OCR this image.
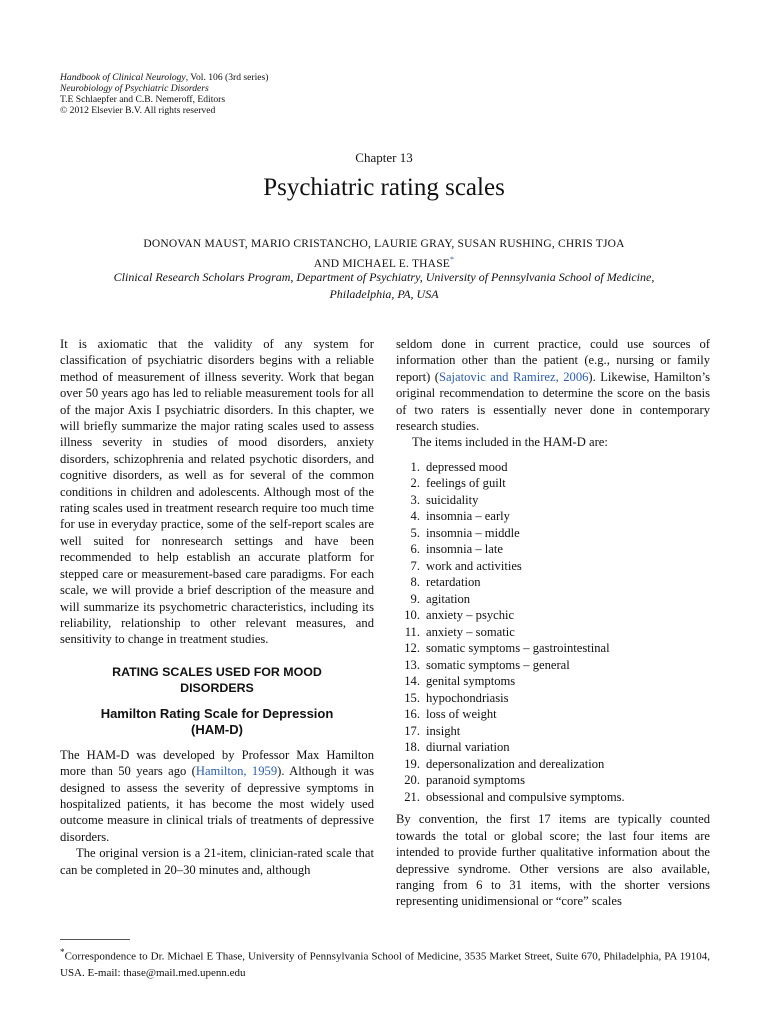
Handbook of Clinical Neurology, Vol. 106 (3rd series)
Neurobiology of Psychiatric Disorders
T.E Schlaepfer and C.B. Nemeroff, Editors
© 2012 Elsevier B.V. All rights reserved
Chapter 13
Psychiatric rating scales
DONOVAN MAUST, MARIO CRISTANCHO, LAURIE GRAY, SUSAN RUSHING, CHRIS TJOA
AND MICHAEL E. THASE*
Clinical Research Scholars Program, Department of Psychiatry, University of Pennsylvania School of Medicine,
Philadelphia, PA, USA

It is axiomatic that the validity of any system for classification of psychiatric disorders begins with a reliable method of measurement of illness severity. Work that began over 50 years ago has led to reliable measurement tools for all of the major Axis I psychiatric disorders. In this chapter, we will briefly summarize the major rating scales used to assess illness severity in studies of mood disorders, anxiety disorders, schizophrenia and related psychotic disorders, and cognitive disorders, as well as for several of the common conditions in children and adolescents. Although most of the rating scales used in treatment research require too much time for use in everyday practice, some of the self-report scales are well suited for nonresearch settings and have been recommended to help establish an accurate platform for stepped care or measurement-based care paradigms. For each scale, we will provide a brief description of the measure and will summarize its psychometric characteristics, including its reliability, relationship to other relevant measures, and sensitivity to change in treatment studies.

RATING SCALES USED FOR MOOD DISORDERS
Hamilton Rating Scale for Depression (HAM-D)

The HAM-D was developed by Professor Max Hamilton more than 50 years ago (Hamilton, 1959). Although it was designed to assess the severity of depressive symptoms in hospitalized patients, it has become the most widely used outcome measure in clinical trials of treatments of depressive disorders.

The original version is a 21-item, clinician-rated scale that can be completed in 20–30 minutes and, although

seldom done in current practice, could use sources of information other than the patient (e.g., nursing or family report) (Sajatovic and Ramirez, 2006). Likewise, Hamilton’s original recommendation to determine the score on the basis of two raters is essentially never done in contemporary research studies.

The items included in the HAM-D are:

1. depressed mood
2. feelings of guilt
3. suicidality
4. insomnia – early
5. insomnia – middle
6. insomnia – late
7. work and activities
8. retardation
9. agitation
10. anxiety – psychic
11. anxiety – somatic
12. somatic symptoms – gastrointestinal
13. somatic symptoms – general
14. genital symptoms
15. hypochondriasis
16. loss of weight
17. insight
18. diurnal variation
19. depersonalization and derealization
20. paranoid symptoms
21. obsessional and compulsive symptoms.

By convention, the first 17 items are typically counted towards the total or global score; the last four items are intended to provide further qualitative information about the depressive syndrome. Other versions are also available, ranging from 6 to 31 items, with the shorter versions representing unidimensional or “core” scales

*Correspondence to Dr. Michael E Thase, University of Pennsylvania School of Medicine, 3535 Market Street, Suite 670, Philadelphia, PA 19104, USA. E-mail: thase@mail.med.upenn.edu
